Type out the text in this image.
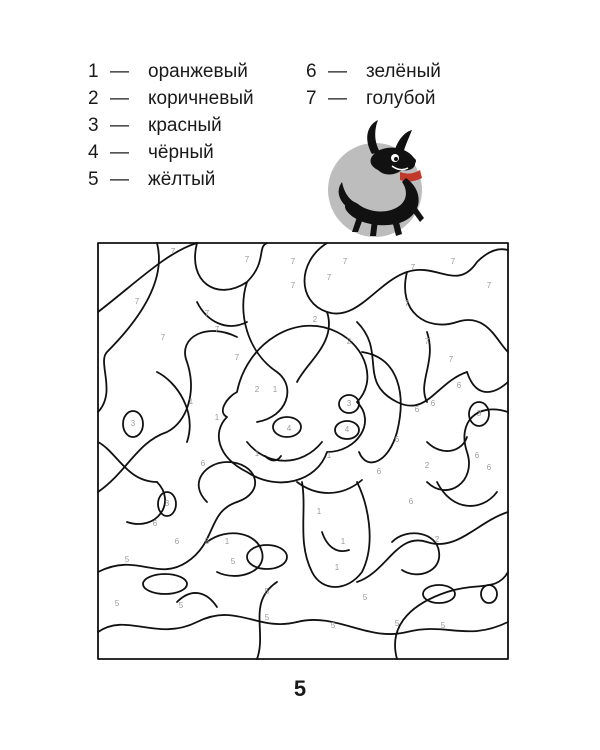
1 — оранжевый
2 — коричневый
3 — красный
4 — чёрный
5 — жёлтый
6 — зелёный
7 — голубой
7
7	7	7
7
7
7
7
7
7
7
7
7
7
7
7
7
2
2
2
2
2
4	4
1
1
1
1	1
1
1
1
1
3
3
3
3
6
6
6
6
6
6
6
6
6
6
6
5
5	5
5
5
5
5
5
5	5
5
5
